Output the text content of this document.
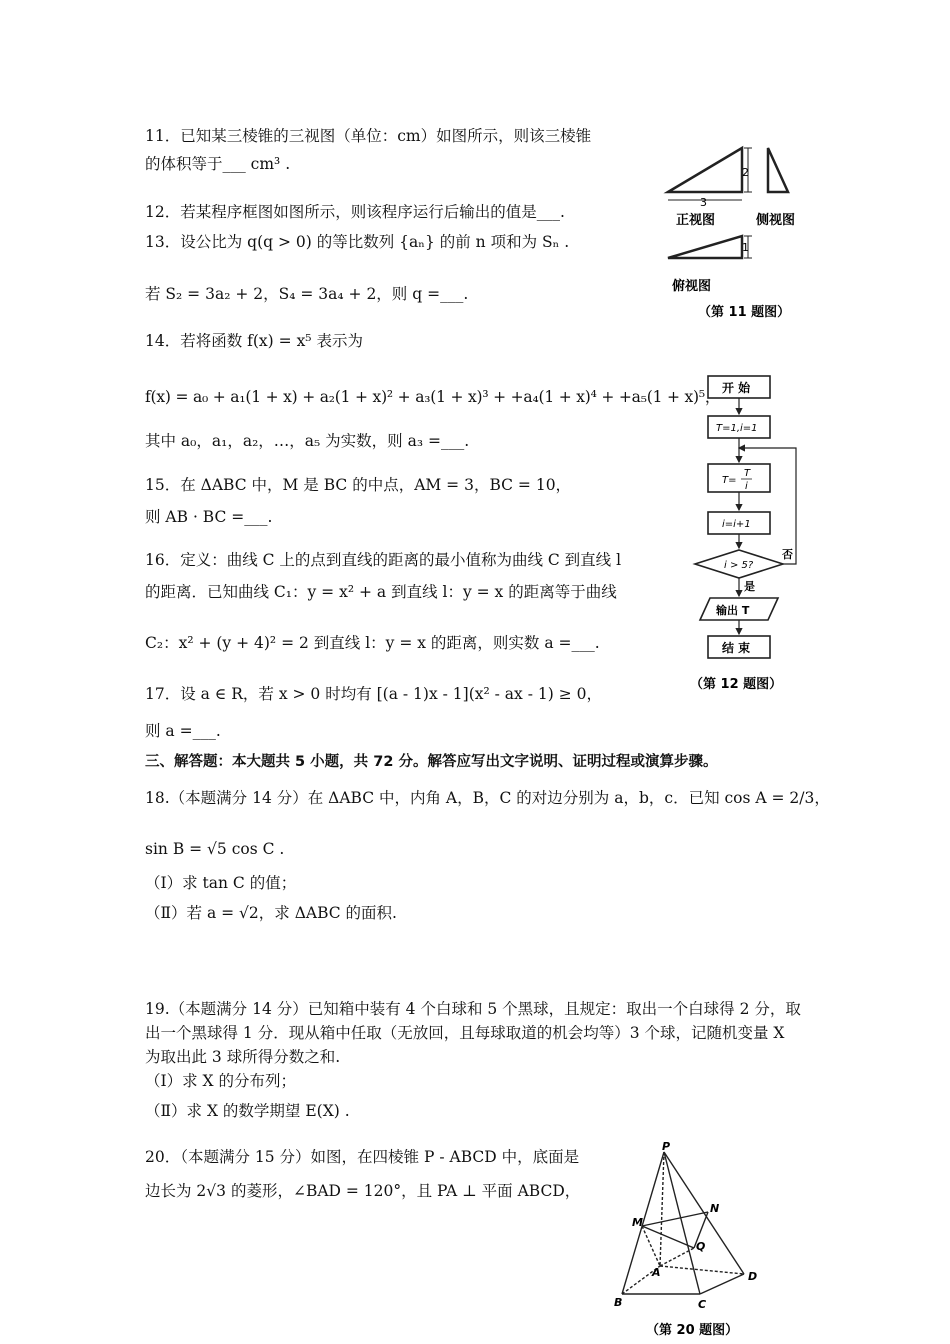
11．已知某三棱锥的三视图（单位：cm）如图所示，则该三棱锥
的体积等于___ cm³ .
12．若某程序框图如图所示，则该程序运行后输出的值是___.
13．设公比为 q(q > 0) 的等比数列 {aₙ} 的前 n 项和为 Sₙ .
若 S₂ = 3a₂ + 2，S₄ = 3a₄ + 2，则 q =___.
14．若将函数 f(x) = x⁵ 表示为
f(x) = a₀ + a₁(1 + x) + a₂(1 + x)² + a₃(1 + x)³ + +a₄(1 + x)⁴ + +a₅(1 + x)⁵，
其中 a₀，a₁，a₂，…，a₅ 为实数，则 a₃ =___.
15．在 ΔABC 中，M 是 BC 的中点，AM = 3，BC = 10，
则 AB · BC =___.
16．定义：曲线 C 上的点到直线的距离的最小值称为曲线 C 到直线 l
的距离．已知曲线 C₁：y = x² + a 到直线 l：y = x 的距离等于曲线
C₂：x² + (y + 4)² = 2 到直线 l：y = x 的距离，则实数 a =___.
17．设 a ∈ R，若 x > 0 时均有 [(a - 1)x - 1](x² - ax - 1) ≥ 0，
则 a =___.
三、解答题：本大题共 5 小题，共 72 分。解答应写出文字说明、证明过程或演算步骤。
18.（本题满分 14 分）在 ΔABC 中，内角 A，B，C 的对边分别为 a，b，c．已知 cos A = 2/3，
sin B = √5 cos C .
（Ⅰ）求 tan C 的值；
（Ⅱ）若 a = √2，求 ΔABC 的面积.
19.（本题满分 14 分）已知箱中装有 4 个白球和 5 个黑球，且规定：取出一个白球得 2 分，取
出一个黑球得 1 分．现从箱中任取（无放回，且每球取道的机会均等）3 个球，记随机变量 X
为取出此 3 球所得分数之和.
（Ⅰ）求 X 的分布列；
（Ⅱ）求 X 的数学期望 E(X) .
20．（本题满分 15 分）如图，在四棱锥 P - ABCD 中，底面是
边长为 2√3 的菱形，∠BAD = 120°，且 PA ⊥ 平面 ABCD，
2
3
正视图	侧视图
1
俯视图
（第 11 题图）
开 始
T=1,i=1
T=
T
i
i=i+1
i > 5?
否
是
输出 T
结 束
（第 12 题图）
P
M
N
Q
A
B	C
D
（第 20 题图）
